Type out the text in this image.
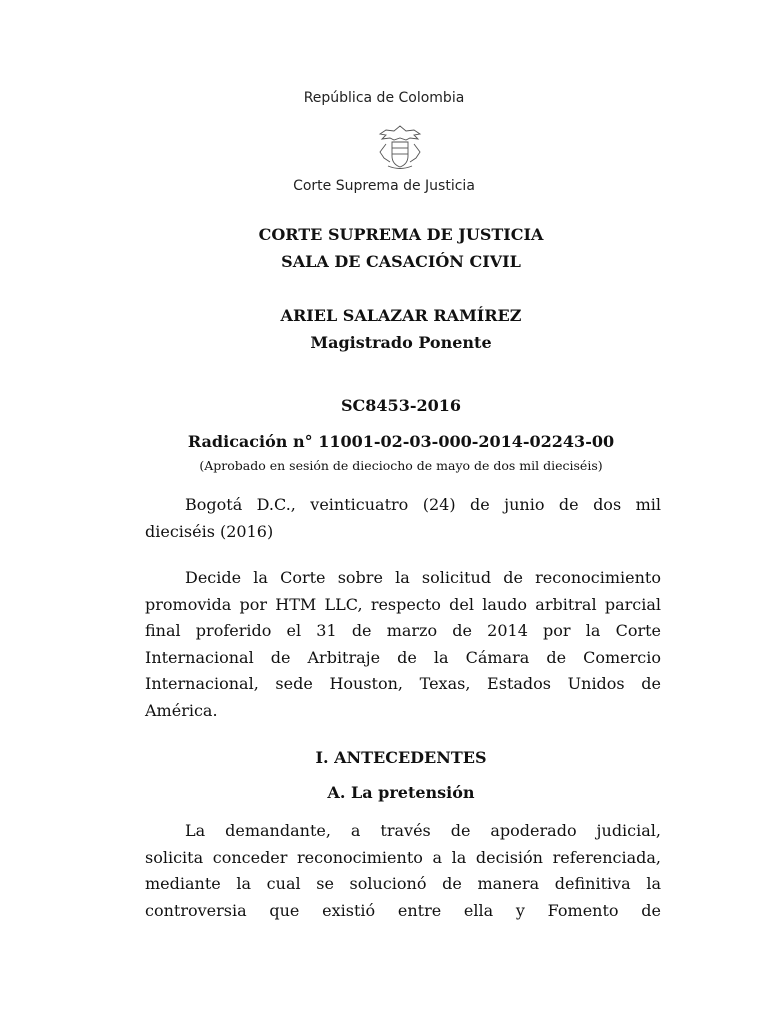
República de Colombia
Corte Suprema de Justicia
CORTE SUPREMA DE JUSTICIA
SALA DE CASACIÓN CIVIL
ARIEL SALAZAR RAMÍREZ
Magistrado Ponente
SC8453-2016
Radicación n° 11001-02-03-000-2014-02243-00
(Aprobado en sesión de dieciocho de mayo de dos mil dieciséis)
Bogotá D.C., veinticuatro (24) de junio de dos mil
dieciséis (2016)
Decide la Corte sobre la solicitud de reconocimiento
promovida por HTM LLC, respecto del laudo arbitral parcial
final proferido el 31 de marzo de 2014 por la Corte
Internacional de Arbitraje de la Cámara de Comercio
Internacional, sede Houston, Texas, Estados Unidos de
América.
I. ANTECEDENTES
A. La pretensión
La demandante, a través de apoderado judicial,
solicita conceder reconocimiento a la decisión referenciada,
mediante la cual se solucionó de manera definitiva la
controversia que existió entre ella y Fomento de
